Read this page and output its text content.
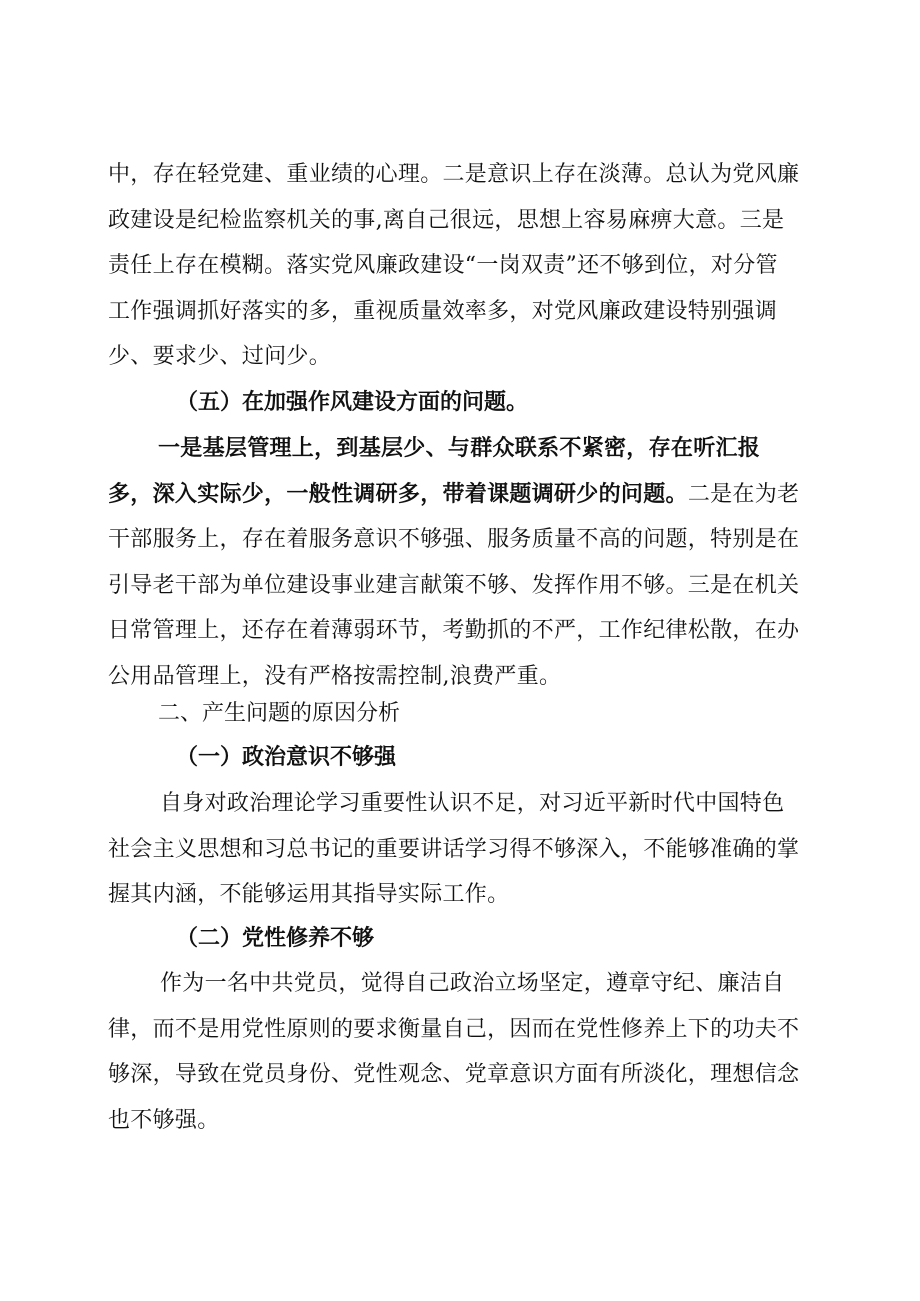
中，存在轻党建、重业绩的心理。二是意识上存在淡薄。总认为党风廉
政建设是纪检监察机关的事,离自己很远，思想上容易麻痹大意。三是
责任上存在模糊。落实党风廉政建设“一岗双责”还不够到位，对分管
工作强调抓好落实的多，重视质量效率多，对党风廉政建设特别强调
少、要求少、过问少。
（五）在加强作风建设方面的问题。
一是基层管理上，到基层少、与群众联系不紧密，存在听汇报
多，深入实际少，一般性调研多，带着课题调研少的问题。二是在为老
干部服务上，存在着服务意识不够强、服务质量不高的问题，特别是在
引导老干部为单位建设事业建言献策不够、发挥作用不够。三是在机关
日常管理上，还存在着薄弱环节，考勤抓的不严，工作纪律松散，在办
公用品管理上，没有严格按需控制,浪费严重。
二、产生问题的原因分析
（一）政治意识不够强
自身对政治理论学习重要性认识不足，对习近平新时代中国特色
社会主义思想和习总书记的重要讲话学习得不够深入，不能够准确的掌
握其内涵，不能够运用其指导实际工作。
（二）党性修养不够
作为一名中共党员，觉得自己政治立场坚定，遵章守纪、廉洁自
律，而不是用党性原则的要求衡量自己，因而在党性修养上下的功夫不
够深，导致在党员身份、党性观念、党章意识方面有所淡化，理想信念
也不够强。
